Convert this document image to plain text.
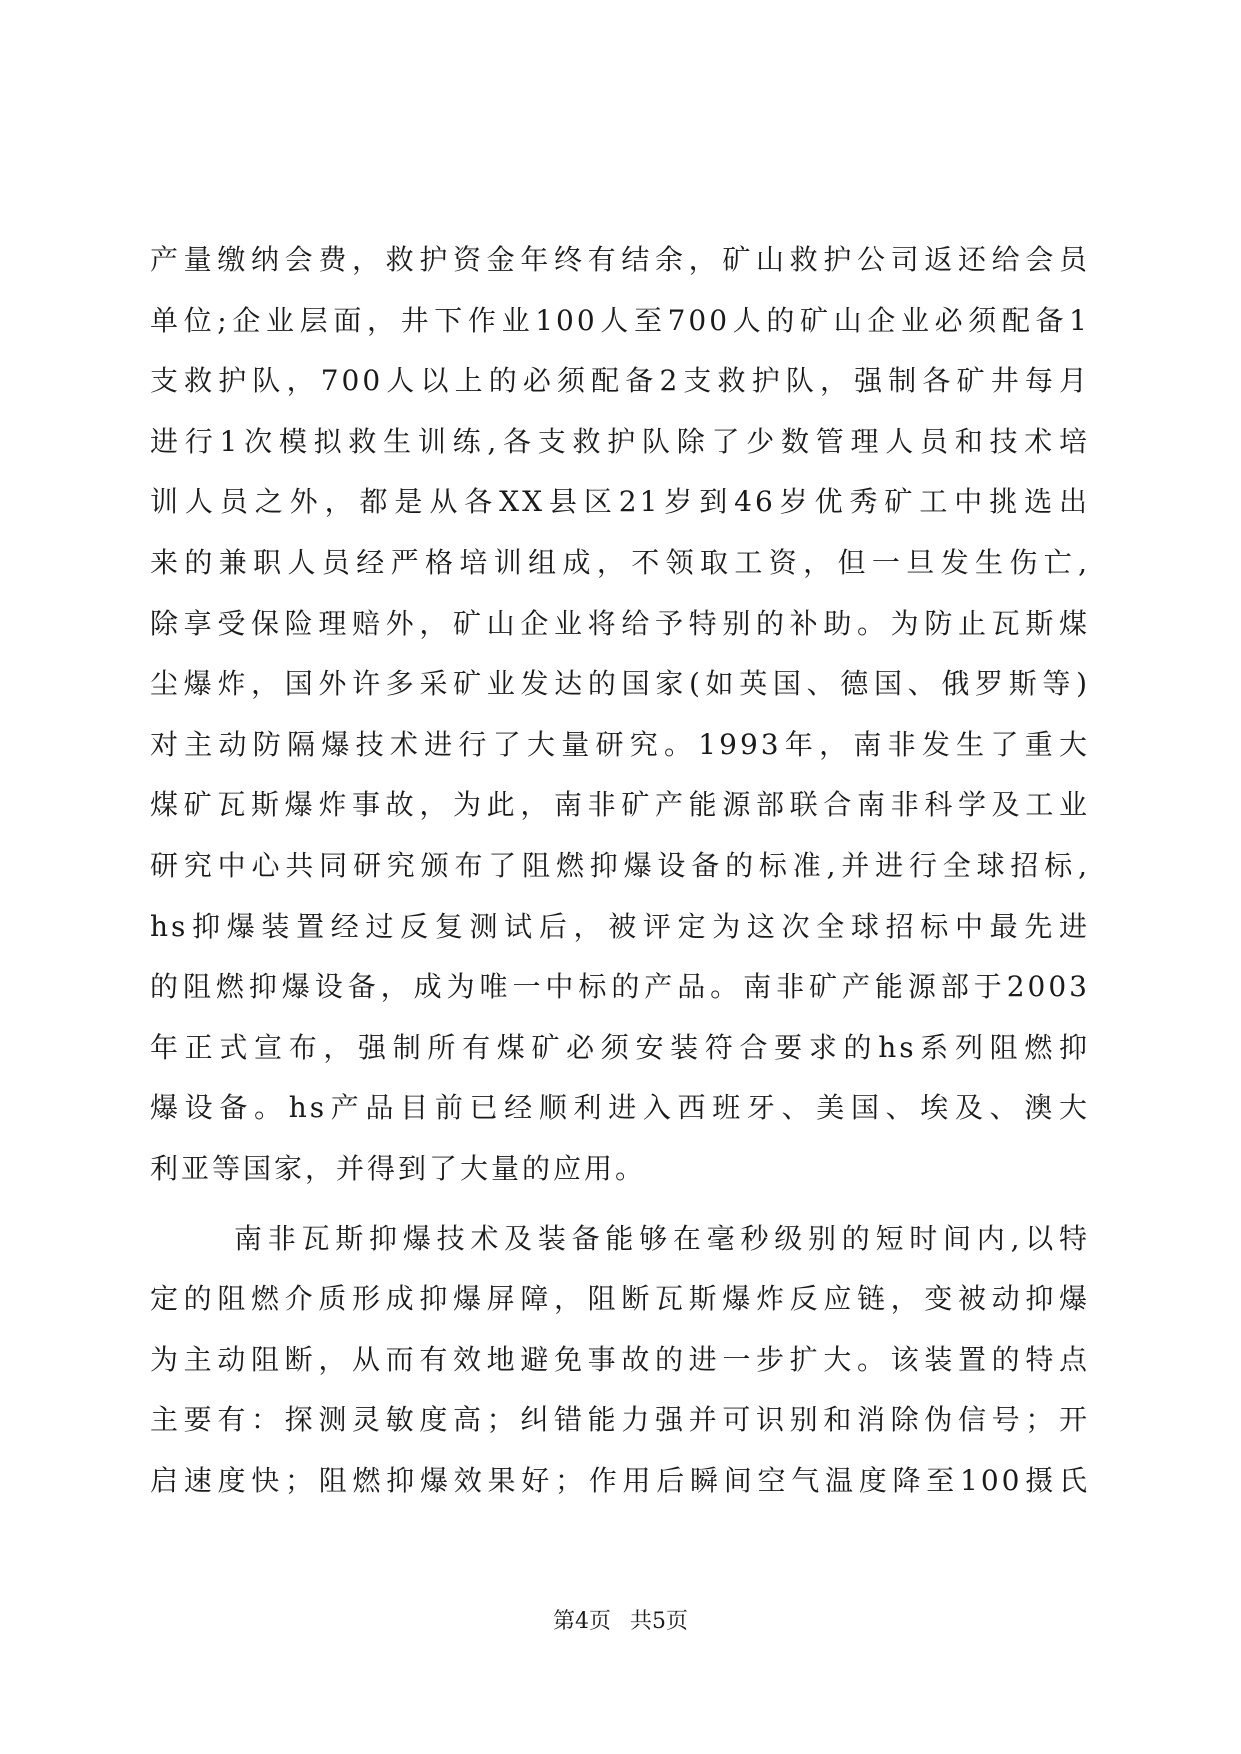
产量缴纳会费，救护资金年终有结余，矿山救护公司返还给会员
单位;企业层面，井下作业100人至700人的矿山企业必须配备1
支救护队，700人以上的必须配备2支救护队，强制各矿井每月
进行1次模拟救生训练,各支救护队除了少数管理人员和技术培
训人员之外，都是从各XX县区21岁到46岁优秀矿工中挑选出
来的兼职人员经严格培训组成，不领取工资，但一旦发生伤亡,
除享受保险理赔外，矿山企业将给予特别的补助。为防止瓦斯煤
尘爆炸，国外许多采矿业发达的国家(如英国、德国、俄罗斯等)
对主动防隔爆技术进行了大量研究。1993年，南非发生了重大
煤矿瓦斯爆炸事故，为此，南非矿产能源部联合南非科学及工业
研究中心共同研究颁布了阻燃抑爆设备的标准,并进行全球招标,
hs抑爆装置经过反复测试后，被评定为这次全球招标中最先进
的阻燃抑爆设备，成为唯一中标的产品。南非矿产能源部于2003
年正式宣布，强制所有煤矿必须安装符合要求的hs系列阻燃抑
爆设备。hs产品目前已经顺利进入西班牙、美国、埃及、澳大
利亚等国家，并得到了大量的应用。
南非瓦斯抑爆技术及装备能够在毫秒级别的短时间内,以特
定的阻燃介质形成抑爆屏障，阻断瓦斯爆炸反应链，变被动抑爆
为主动阻断，从而有效地避免事故的进一步扩大。该装置的特点
主要有：探测灵敏度高；纠错能力强并可识别和消除伪信号；开
启速度快；阻燃抑爆效果好；作用后瞬间空气温度降至100摄氏
第4页 共5页
